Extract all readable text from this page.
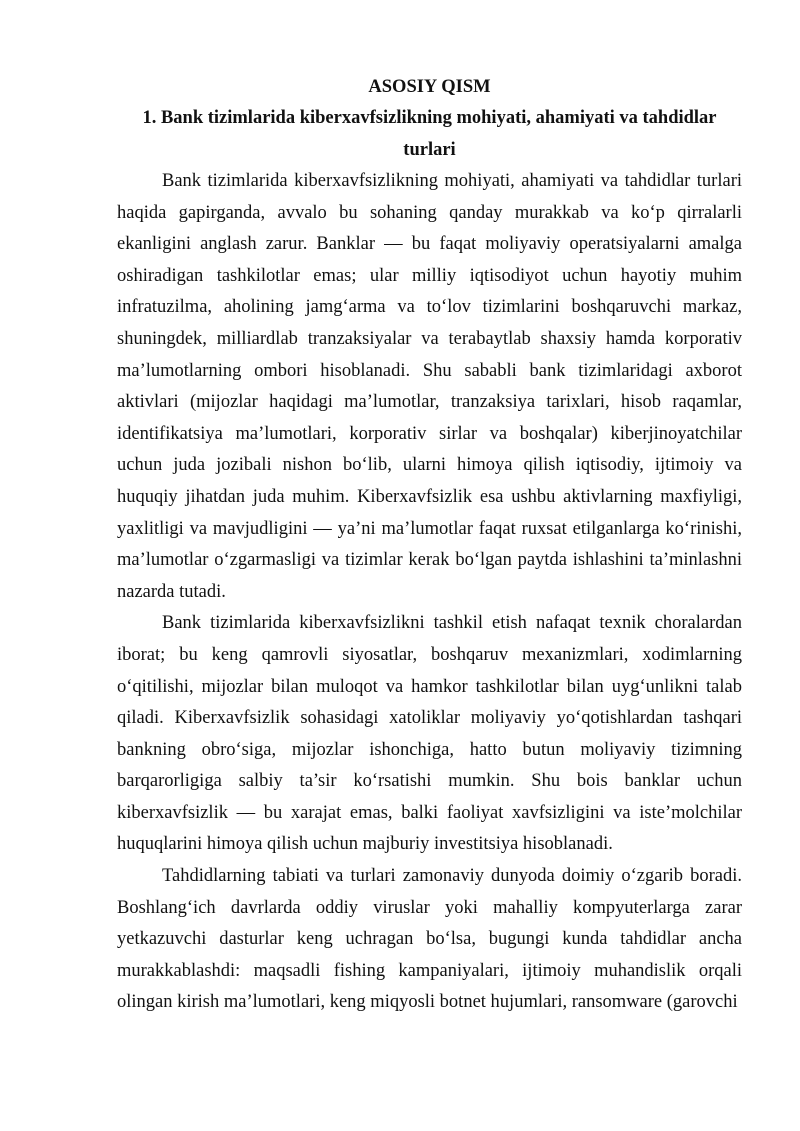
ASOSIY QISM

1. Bank tizimlarida kiberxavfsizlikning mohiyati, ahamiyati va tahdidlar turlari

Bank tizimlarida kiberxavfsizlikning mohiyati, ahamiyati va tahdidlar turlari haqida gapirganda, avvalo bu sohaning qanday murakkab va ko‘p qirralarli ekanligini anglash zarur. Banklar — bu faqat moliyaviy operatsiyalarni amalga oshiradigan tashkilotlar emas; ular milliy iqtisodiyot uchun hayotiy muhim infratuzilma, aholining jamg‘arma va to‘lov tizimlarini boshqaruvchi markaz, shuningdek, milliardlab tranzaksiyalar va terabaytlab shaxsiy hamda korporativ ma’lumotlarning ombori hisoblanadi. Shu sababli bank tizimlaridagi axborot aktivlari (mijozlar haqidagi ma’lumotlar, tranzaksiya tarixlari, hisob raqamlar, identifikatsiya ma’lumotlari, korporativ sirlar va boshqalar) kiberjinoyatchilar uchun juda jozibali nishon bo‘lib, ularni himoya qilish iqtisodiy, ijtimoiy va huquqiy jihatdan juda muhim. Kiberxavfsizlik esa ushbu aktivlarning maxfiyligi, yaxlitligi va mavjudligini — ya’ni ma’lumotlar faqat ruxsat etilganlarga ko‘rinishi, ma’lumotlar o‘zgarmasligi va tizimlar kerak bo‘lgan paytda ishlashini ta’minlashni nazarda tutadi.

Bank tizimlarida kiberxavfsizlikni tashkil etish nafaqat texnik choralardan iborat; bu keng qamrovli siyosatlar, boshqaruv mexanizmlari, xodimlarning o‘qitilishi, mijozlar bilan muloqot va hamkor tashkilotlar bilan uyg‘unlikni talab qiladi. Kiberxavfsizlik sohasidagi xatoliklar moliyaviy yo‘qotishlardan tashqari bankning obro‘siga, mijozlar ishonchiga, hatto butun moliyaviy tizimning barqarorligiga salbiy ta’sir ko‘rsatishi mumkin. Shu bois banklar uchun kiberxavfsizlik — bu xarajat emas, balki faoliyat xavfsizligini va iste’molchilar huquqlarini himoya qilish uchun majburiy investitsiya hisoblanadi.

Tahdidlarning tabiati va turlari zamonaviy dunyoda doimiy o‘zgarib boradi. Boshlang‘ich davrlarda oddiy viruslar yoki mahalliy kompyuterlarga zarar yetkazuvchi dasturlar keng uchragan bo‘lsa, bugungi kunda tahdidlar ancha murakkablashdi: maqsadli fishing kampaniyalari, ijtimoiy muhandislik orqali olingan kirish ma’lumotlari, keng miqyosli botnet hujumlari, ransomware (garovchi
